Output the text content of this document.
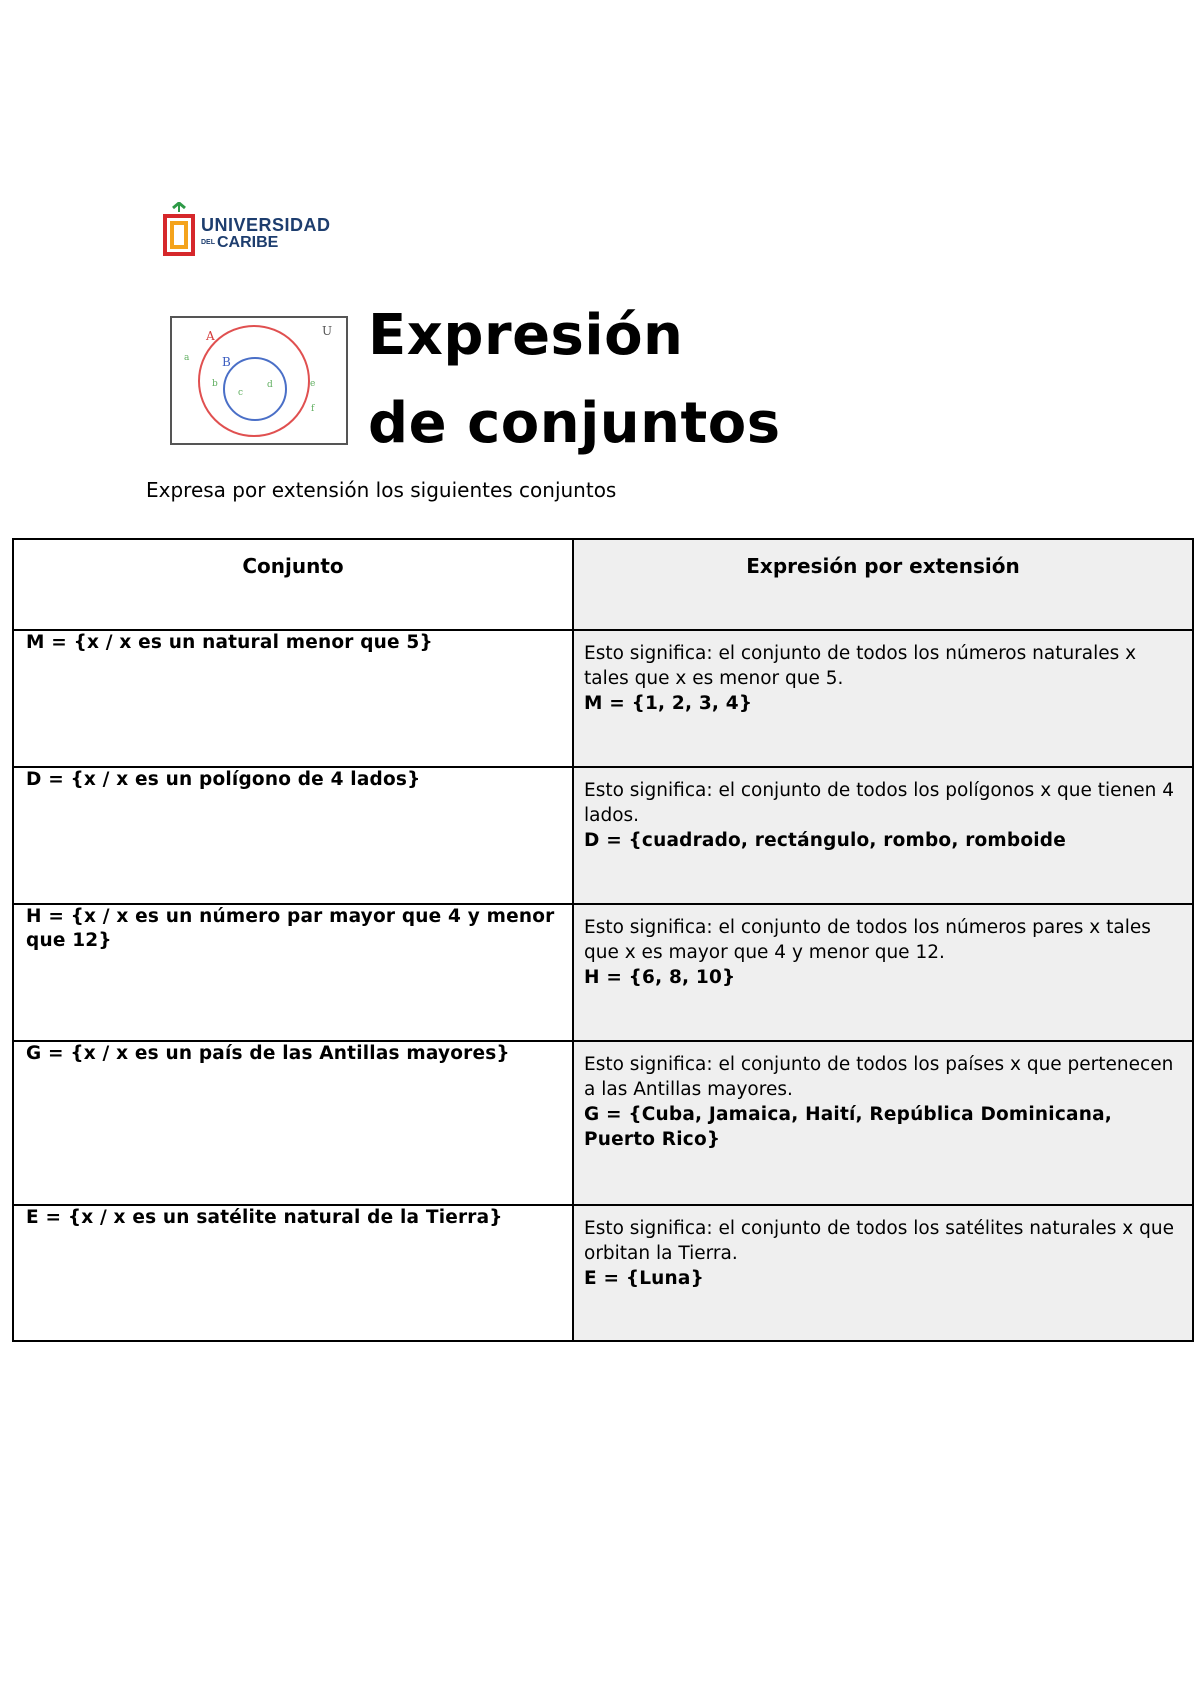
UNIVERSIDAD
DEL CARIBE
A
B
U
a
b
c
d	e
f
Expresión
de conjuntos
Expresa por extensión los siguientes conjuntos
Conjunto	Expresión por extensión
M = {x / x es un natural menor que 5}	Esto significa: el conjunto de todos los números naturales x tales que x es menor que 5.
M = {1, 2, 3, 4}

D = {x / x es un polígono de 4 lados}	Esto significa: el conjunto de todos los polígonos x que tienen 4 lados.
D = {cuadrado, rectángulo, rombo, romboide

H = {x / x es un número par mayor que 4 y menor que 12}	Esto significa: el conjunto de todos los números pares x tales que x es mayor que 4 y menor que 12.
H = {6, 8, 10}

G = {x / x es un país de las Antillas mayores}	Esto significa: el conjunto de todos los países x que pertenecen a las Antillas mayores.
G = {Cuba, Jamaica, Haití, República Dominicana, Puerto Rico}

E = {x / x es un satélite natural de la Tierra}	Esto significa: el conjunto de todos los satélites naturales x que orbitan la Tierra.
E = {Luna}
